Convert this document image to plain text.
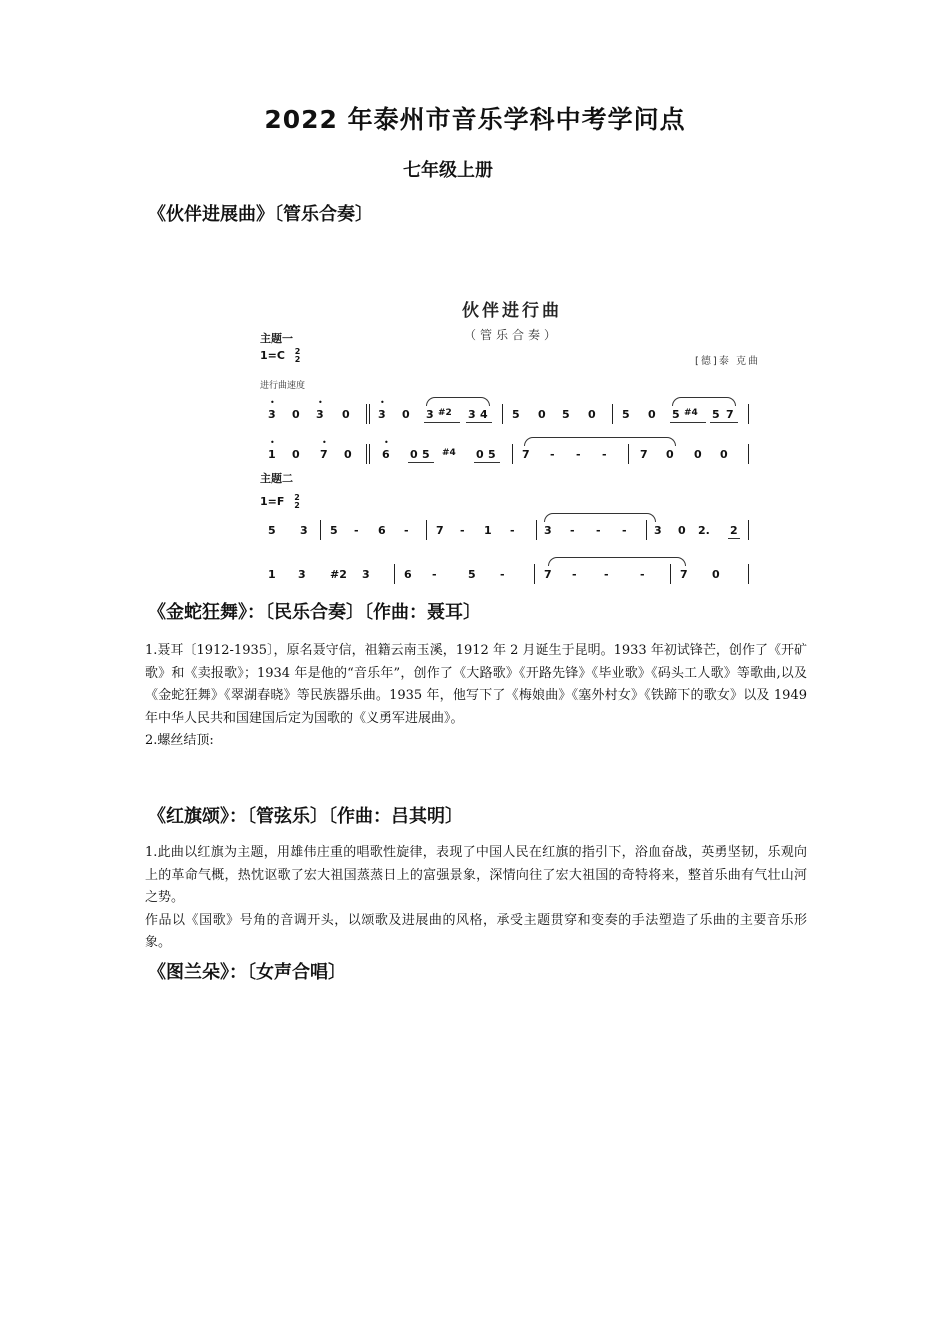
2022 年泰州市音乐学科中考学问点
七年级上册
《伙伴进展曲》〔管乐合奏〕
伙伴进行曲
（管乐合奏）
[德]泰 克曲
主题一
1=C 2
2
进行曲速度
3
•
0 3
•
0	3
•
0 3 #2 3 4 5 0 5 0 5 0 5 #4 5 7
1
•
0 7
•
0	6
•
0 5 #4 0 5 7 - - -	7 0 0 0
主题二
1=F 2
2
5 3 5 - 6 - 7 - 1 -	3 - - - 3 0 2. 2
1 3 #2 3	6 -	5 -	7 - -	-	7 0
《金蛇狂舞》：〔民乐合奏〕〔作曲：聂耳〕

1.聂耳〔1912-1935〕，原名聂守信，祖籍云南玉溪，1912 年 2 月诞生于昆明。1933 年初试锋芒，创作了《开矿歌》和《卖报歌》；1934 年是他的“音乐年”，创作了《大路歌》《开路先锋》《毕业歌》《码头工人歌》等歌曲,以及《金蛇狂舞》《翠湖春晓》等民族器乐曲。1935 年，他写下了《梅娘曲》《塞外村女》《铁蹄下的歌女》以及 1949 年中华人民共和国建国后定为国歌的《义勇军进展曲》。

2.螺丝结顶:

《红旗颂》：〔管弦乐〕〔作曲：吕其明〕

1.此曲以红旗为主题，用雄伟庄重的唱歌性旋律，表现了中国人民在红旗的指引下，浴血奋战，英勇坚韧，乐观向上的革命气概，热忱讴歌了宏大祖国蒸蒸日上的富强景象，深情向往了宏大祖国的奇特将来，整首乐曲有气壮山河之势。

作品以《国歌》号角的音调开头，以颂歌及进展曲的风格，承受主题贯穿和变奏的手法塑造了乐曲的主要音乐形象。

《图兰朵》：〔女声合唱〕
